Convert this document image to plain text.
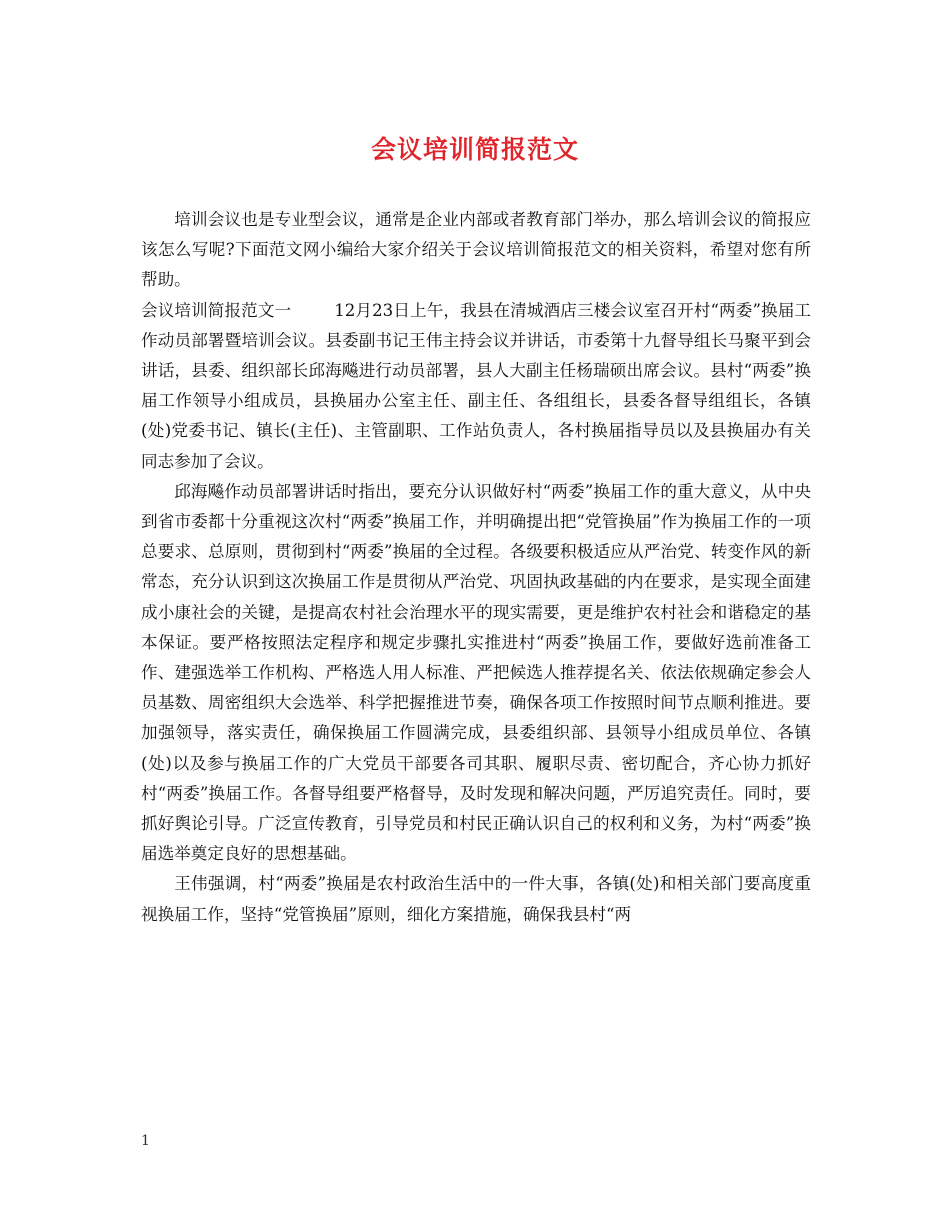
会议培训简报范文

培训会议也是专业型会议，通常是企业内部或者教育部门举办，那么培训会议的简报应该怎么写呢?下面范文网小编给大家介绍关于会议培训简报范文的相关资料，希望对您有所帮助。

会议培训简报范文一	12月23日上午，我县在清城酒店三楼会议室召开村“两委”换届工作动员部署暨培训会议。县委副书记王伟主持会议并讲话，市委第十九督导组长马聚平到会讲话，县委、组织部长邱海飚进行动员部署，县人大副主任杨瑞硕出席会议。县村“两委”换届工作领导小组成员，县换届办公室主任、副主任、各组组长，县委各督导组组长，各镇(处)党委书记、镇长(主任)、主管副职、工作站负责人，各村换届指导员以及县换届办有关同志参加了会议。

邱海飚作动员部署讲话时指出，要充分认识做好村“两委”换届工作的重大意义，从中央到省市委都十分重视这次村“两委”换届工作，并明确提出把“党管换届”作为换届工作的一项总要求、总原则，贯彻到村“两委”换届的全过程。各级要积极适应从严治党、转变作风的新常态，充分认识到这次换届工作是贯彻从严治党、巩固执政基础的内在要求，是实现全面建成小康社会的关键，是提高农村社会治理水平的现实需要，更是维护农村社会和谐稳定的基本保证。要严格按照法定程序和规定步骤扎实推进村“两委”换届工作，要做好选前准备工作、建强选举工作机构、严格选人用人标准、严把候选人推荐提名关、依法依规确定参会人员基数、周密组织大会选举、科学把握推进节奏，确保各项工作按照时间节点顺利推进。要加强领导，落实责任，确保换届工作圆满完成，县委组织部、县领导小组成员单位、各镇(处)以及参与换届工作的广大党员干部要各司其职、履职尽责、密切配合，齐心协力抓好村“两委”换届工作。各督导组要严格督导，及时发现和解决问题，严厉追究责任。同时，要抓好舆论引导。广泛宣传教育，引导党员和村民正确认识自己的权利和义务，为村“两委”换届选举奠定良好的思想基础。

王伟强调，村“两委”换届是农村政治生活中的一件大事，各镇(处)和相关部门要高度重视换届工作，坚持“党管换届”原则，细化方案措施，确保我县村“两

1
